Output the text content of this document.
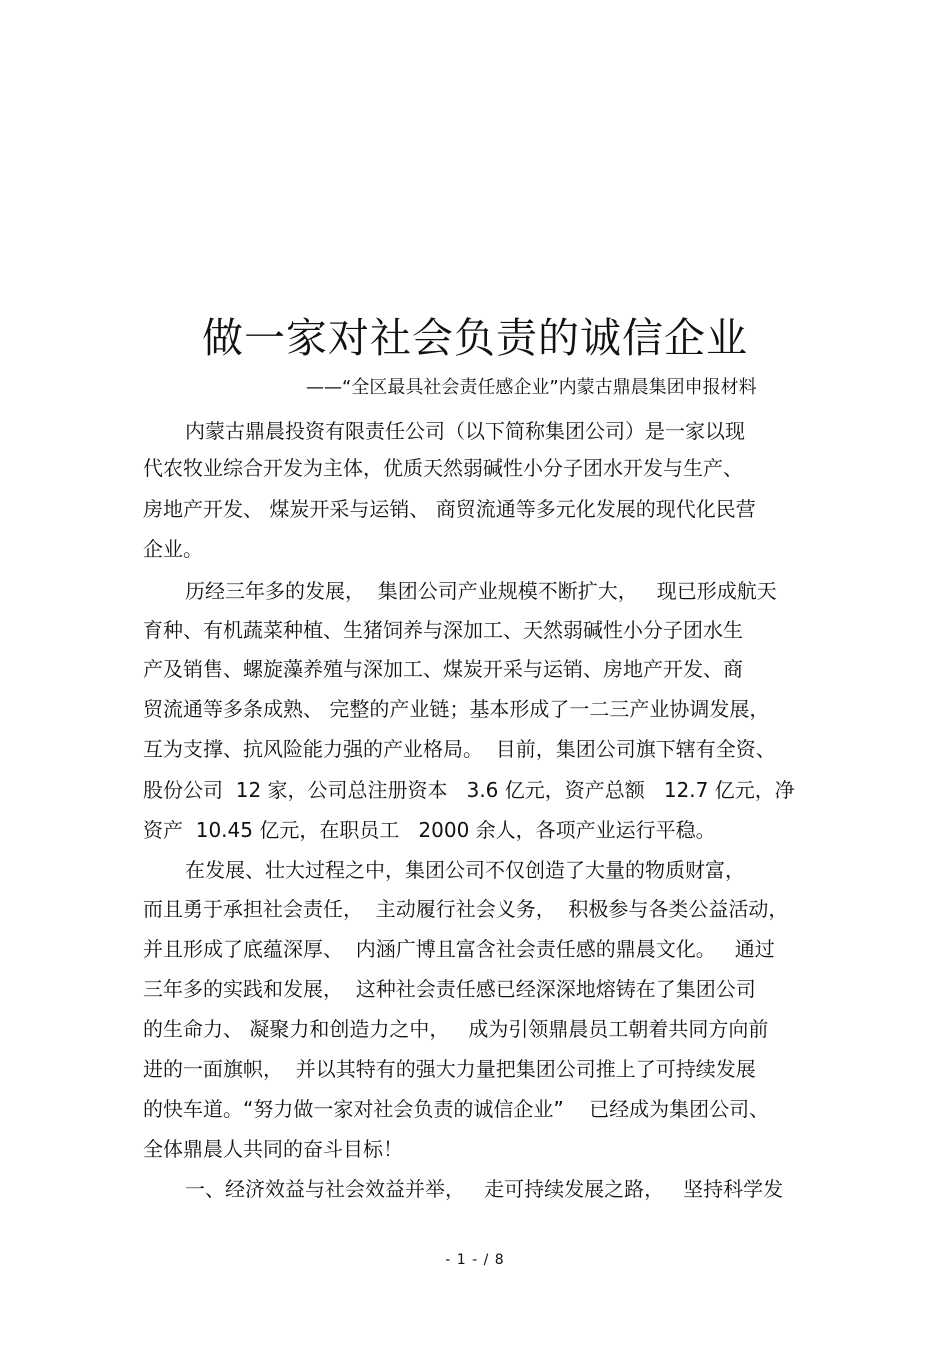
做一家对社会负责的诚信企业
——“全区最具社会责任感企业”内蒙古鼎晨集团申报材料
内蒙古鼎晨投资有限责任公司（以下简称集团公司）是一家以现
代农牧业综合开发为主体，优质天然弱碱性小分子团水开发与生产、
房地产开发、 煤炭开采与运销、 商贸流通等多元化发展的现代化民营
企业。
历经三年多的发展，  集团公司产业规模不断扩大，   现已形成航天
育种、有机蔬菜种植、生猪饲养与深加工、天然弱碱性小分子团水生
产及销售、螺旋藻养殖与深加工、煤炭开采与运销、房地产开发、商
贸流通等多条成熟、 完整的产业链；基本形成了一二三产业协调发展，
互为支撑、抗风险能力强的产业格局。  目前，集团公司旗下辖有全资、
股份公司  12 家，公司总注册资本   3.6 亿元，资产总额   12.7 亿元，净
资产  10.45 亿元，在职员工   2000 余人，各项产业运行平稳。
在发展、壮大过程之中，集团公司不仅创造了大量的物质财富，
而且勇于承担社会责任，  主动履行社会义务，  积极参与各类公益活动，
并且形成了底蕴深厚、  内涵广博且富含社会责任感的鼎晨文化。   通过
三年多的实践和发展，  这种社会责任感已经深深地熔铸在了集团公司
的生命力、 凝聚力和创造力之中，   成为引领鼎晨员工朝着共同方向前
进的一面旗帜，  并以其特有的强大力量把集团公司推上了可持续发展
的快车道。“努力做一家对社会负责的诚信企业”    已经成为集团公司、
全体鼎晨人共同的奋斗目标！
一、经济效益与社会效益并举，   走可持续发展之路，   坚持科学发
- 1 - / 8
